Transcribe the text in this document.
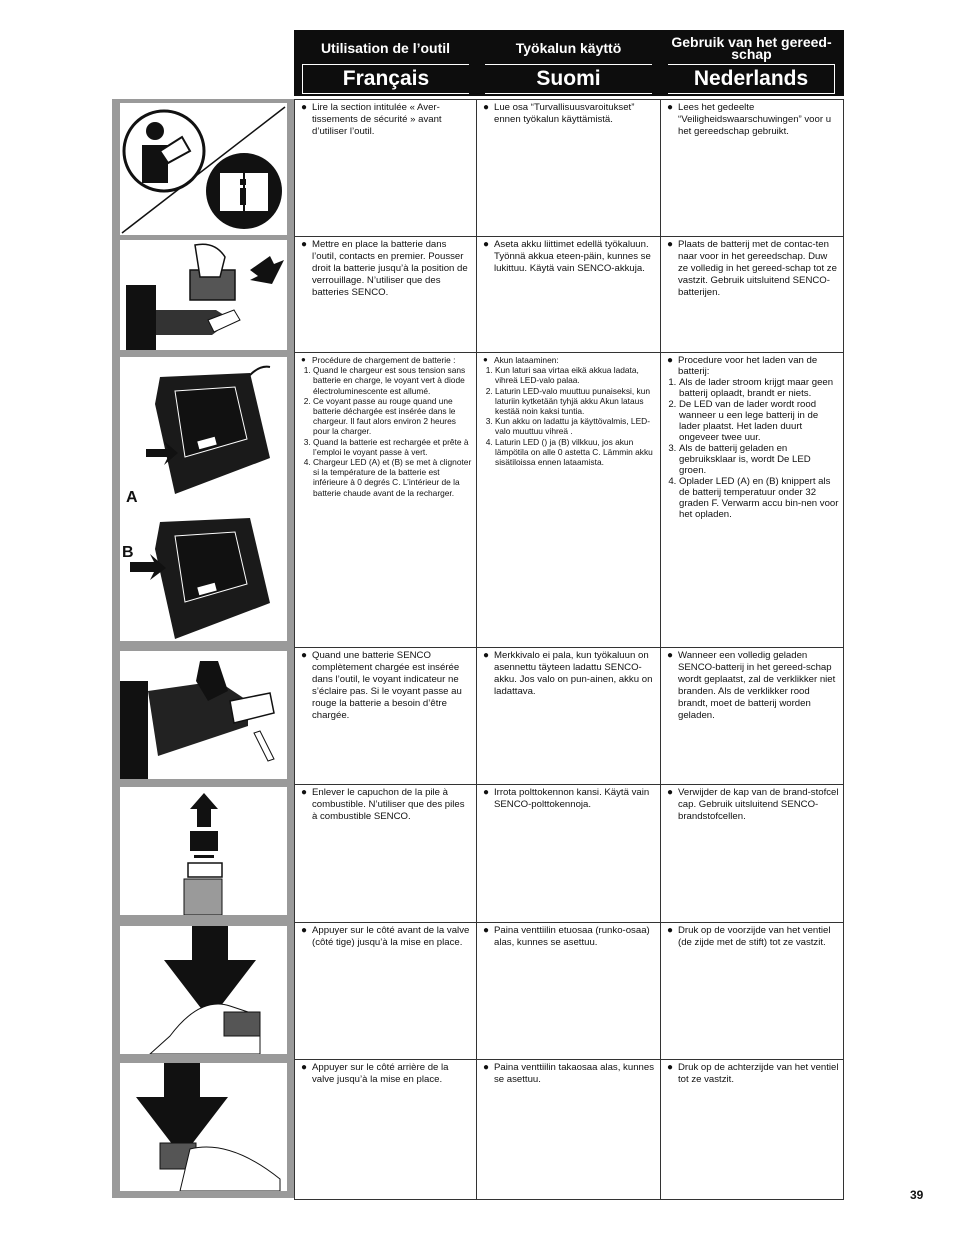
Utilisation de l’outil
Français
Työkalun käyttö
Suomi
Gebruik van het gereed-schap
Nederlands
A
B
● Lire la section intitulée « Aver-tissements de sécurité » avant d’utiliser l’outil.
● Lue osa “Turvallisuusvaroitukset” ennen työkalun käyttämistä.
● Lees het gedeelte “Veiligheidswaarschuwingen” voor u het gereedschap gebruikt.
● Mettre en place la batterie dans l’outil, contacts en premier. Pousser droit la batterie jusqu’à la position de verrouillage. N’utiliser que des batteries SENCO.
● Aseta akku liittimet edellä työkaluun. Työnnä akkua eteen-päin, kunnes se lukittuu. Käytä vain SENCO-akkuja.
● Plaats de batterij met de contac-ten naar voor in het gereedschap. Duw ze volledig in het gereed-schap tot ze vastzit. Gebruik uitsluitend SENCO-batterijen.
● Procédure de chargement de batterie :
1. Quand le chargeur est sous tension sans batterie en charge, le voyant vert à diode électroluminescente est allumé.
2. Ce voyant passe au rouge quand une batterie déchargée est insérée dans le chargeur. Il faut alors environ 2 heures pour la charger.
3. Quand la batterie est rechargée et prête à l’emploi le voyant passe à vert.
4. Chargeur LED (A) et (B) se met à clignoter si la température de la batterie est inférieure à 0 degrés C. L’intérieur de la batterie chaude avant de la recharger.
● Akun lataaminen:
1. Kun laturi saa virtaa eikä akkua ladata, vihreä LED-valo palaa.
2. Laturin LED-valo muuttuu punaiseksi, kun laturiin kytketään tyhjä akku Akun lataus kestää noin kaksi tuntia.
3. Kun akku on ladattu ja käyttövalmis, LED-valo muuttuu vihreä .
4. Laturin LED () ja (B) vilkkuu, jos akun lämpötila on alle 0 astetta C. Lämmin akku sisätiloissa ennen lataamista.
● Procedure voor het laden van de batterij:
1. Als de lader stroom krijgt maar geen batterij oplaadt, brandt er niets.
2. De LED van de lader wordt rood wanneer u een lege batterij in de lader plaatst. Het laden duurt ongeveer twee uur.
3. Als de batterij geladen en gebruiksklaar is, wordt De LED groen.
4. Oplader LED (A) en (B) knippert als de batterij temperatuur onder 32 graden F. Verwarm accu bin-nen voor het opladen.
● Quand une batterie SENCO complètement chargée est insérée dans l’outil, le voyant indicateur ne s’éclaire pas. Si le voyant passe au rouge la batterie a besoin d’être chargée.
● Merkkivalo ei pala, kun työkaluun on asennettu täyteen ladattu SENCO-akku. Jos valo on pun-ainen, akku on ladattava.
● Wanneer een volledig geladen SENCO-batterij in het gereed-schap wordt geplaatst, zal de verklikker niet branden. Als de verklikker rood brandt, moet de batterij worden geladen.
● Enlever le capuchon de la pile à combustible. N’utiliser que des piles à combustible SENCO.
● Irrota polttokennon kansi. Käytä vain SENCO-polttokennoja.
● Verwijder de kap van de brand-stofcel cap. Gebruik uitsluitend SENCO-brandstofcellen.
● Appuyer sur le côté avant de la valve (côté tige) jusqu’à la mise en place.
● Paina venttiilin etuosaa (runko-osaa) alas, kunnes se asettuu.
● Druk op de voorzijde van het ventiel (de zijde met de stift) tot ze vastzit.
● Appuyer sur le côté arrière de la valve jusqu’à la mise en place.
● Paina venttiilin takaosaa alas, kunnes se asettuu.
● Druk op de achterzijde van het ventiel tot ze vastzit.
39
